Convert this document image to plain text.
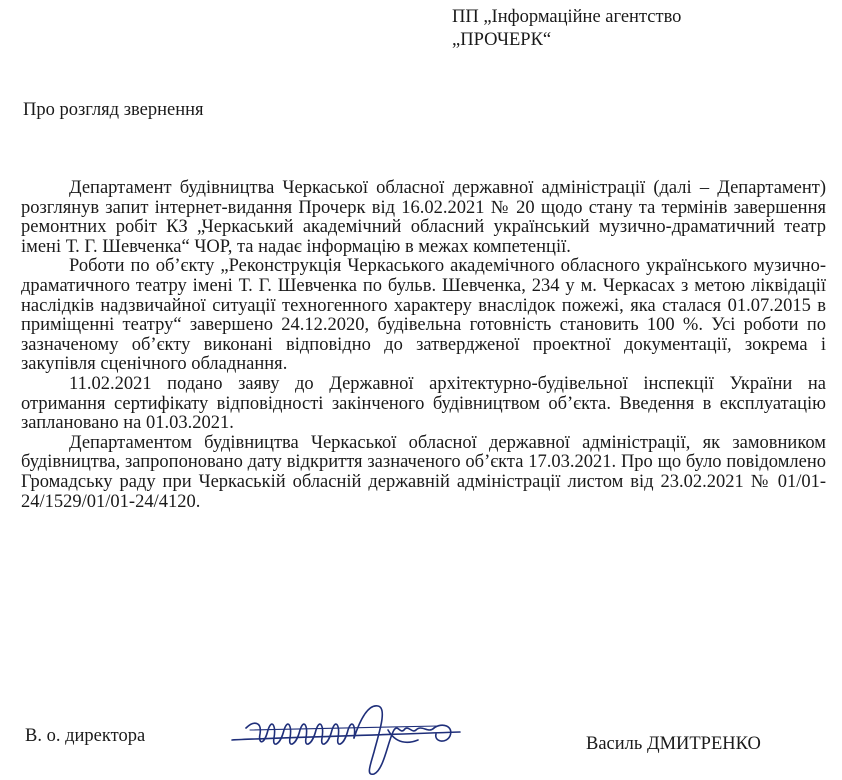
ПП „Інформаційне агентство
„ПРОЧЕРК“
Про розгляд звернення

Департамент будівництва Черкаської обласної державної адміністрації (далі – Департамент) розглянув запит інтернет-видання Прочерк від 16.02.2021 № 20 щодо стану та термінів завершення ремонтних робіт КЗ „Черкаський академічний обласний український музично-драматичний театр імені Т. Г. Шевченка“ ЧОР, та надає інформацію в межах компетенції.

Роботи по об’єкту „Реконструкція Черкаського академічного обласного українського музично-драматичного театру імені Т. Г. Шевченка по бульв. Шевченка, 234 у м. Черкасах з метою ліквідації наслідків надзвичайної ситуації техногенного характеру внаслідок пожежі, яка сталася 01.07.2015 в приміщенні театру“ завершено 24.12.2020, будівельна готовність становить 100 %. Усі роботи по зазначеному об’єкту виконані відповідно до затвердженої проектної документації, зокрема і закупівля сценічного обладнання.

11.02.2021 подано заяву до Державної архітектурно-будівельної інспекції України на отримання сертифікату відповідності закінченого будівництвом об’єкта. Введення в експлуатацію заплановано на 01.03.2021.

Департаментом будівництва Черкаської обласної державної адміністрації, як замовником будівництва, запропоновано дату відкриття зазначеного об’єкта 17.03.2021. Про що було повідомлено Громадську раду при Черкаській обласній державній адміністрації листом від 23.02.2021 № 01/01-24/1529/01/01-24/4120.

В. о. директора	Василь ДМИТРЕНКО
